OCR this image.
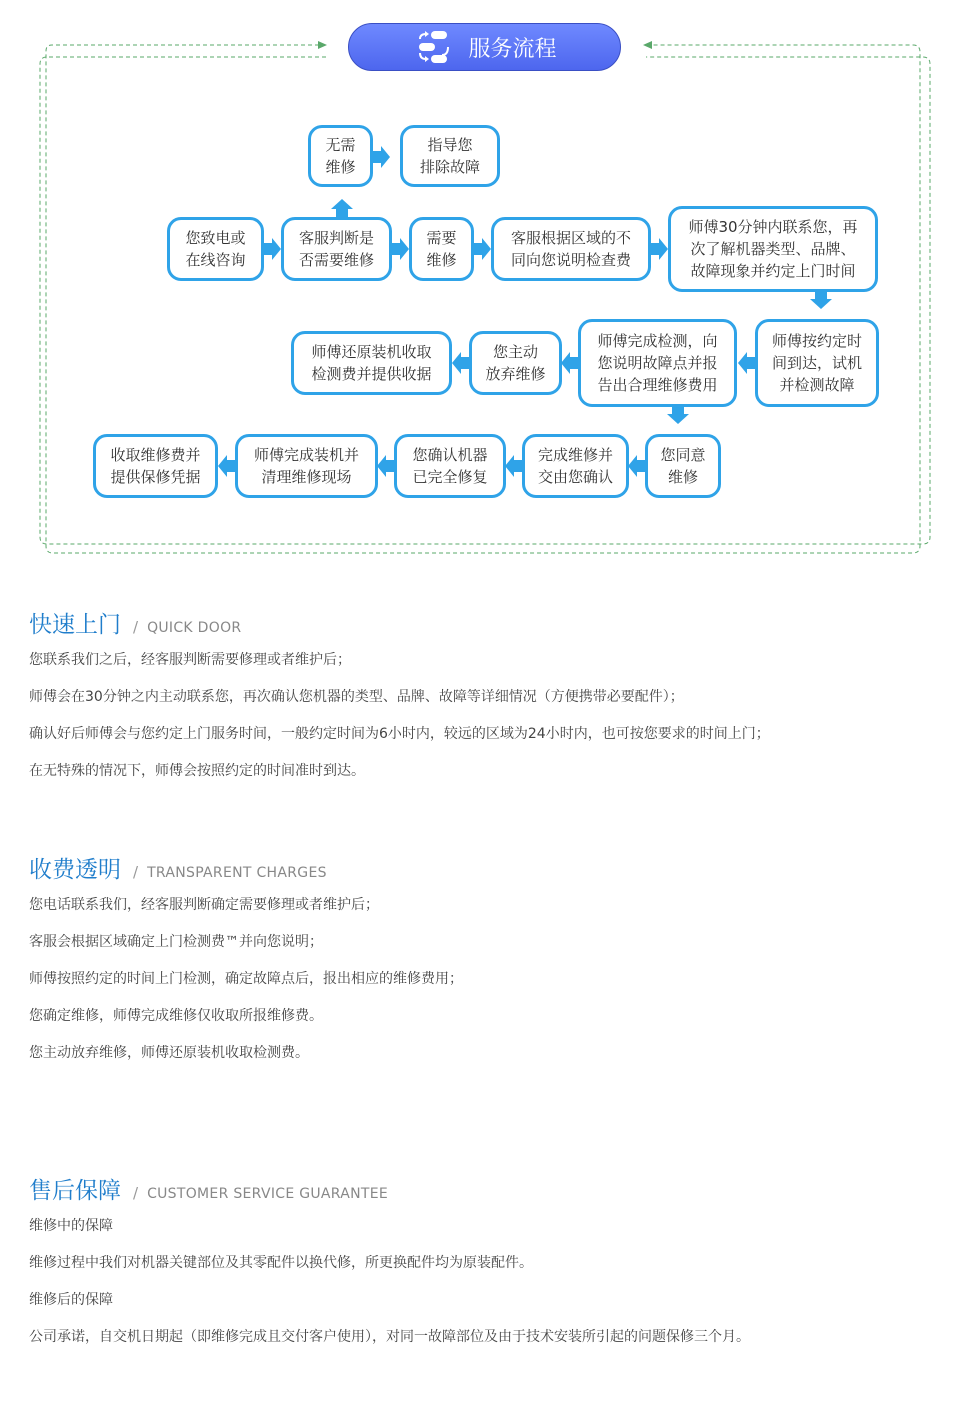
服务流程
无需
维修
指导您
排除故障
您致电或
在线咨询
客服判断是
否需要维修
需要
维修
客服根据区域的不
同向您说明检查费
师傅30分钟内联系您，再
次了解机器类型、品牌、
故障现象并约定上门时间
师傅还原装机收取
检测费并提供收据
您主动
放弃维修
师傅完成检测，向
您说明故障点并报
告出合理维修费用
师傅按约定时
间到达，试机
并检测故障
收取维修费并
提供保修凭据
师傅完成装机并
清理维修现场
您确认机器
已完全修复
完成维修并
交由您确认
您同意
维修
快速上门 / QUICK DOOR
您联系我们之后，经客服判断需要修理或者维护后；
师傅会在30分钟之内主动联系您，再次确认您机器的类型、品牌、故障等详细情况（方便携带必要配件）；
确认好后师傅会与您约定上门服务时间，一般约定时间为6小时内，较远的区域为24小时内，也可按您要求的时间上门；
在无特殊的情况下，师傅会按照约定的时间准时到达。
收费透明 / TRANSPARENT CHARGES
您电话联系我们，经客服判断确定需要修理或者维护后；
客服会根据区域确定上门检测费™并向您说明；
师傅按照约定的时间上门检测，确定故障点后，报出相应的维修费用；
您确定维修，师傅完成维修仅收取所报维修费。
您主动放弃维修，师傅还原装机收取检测费。
售后保障 / CUSTOMER SERVICE GUARANTEE
维修中的保障
维修过程中我们对机器关键部位及其零配件以换代修，所更换配件均为原装配件。
维修后的保障
公司承诺，自交机日期起（即维修完成且交付客户使用），对同一故障部位及由于技术安装所引起的问题保修三个月。
